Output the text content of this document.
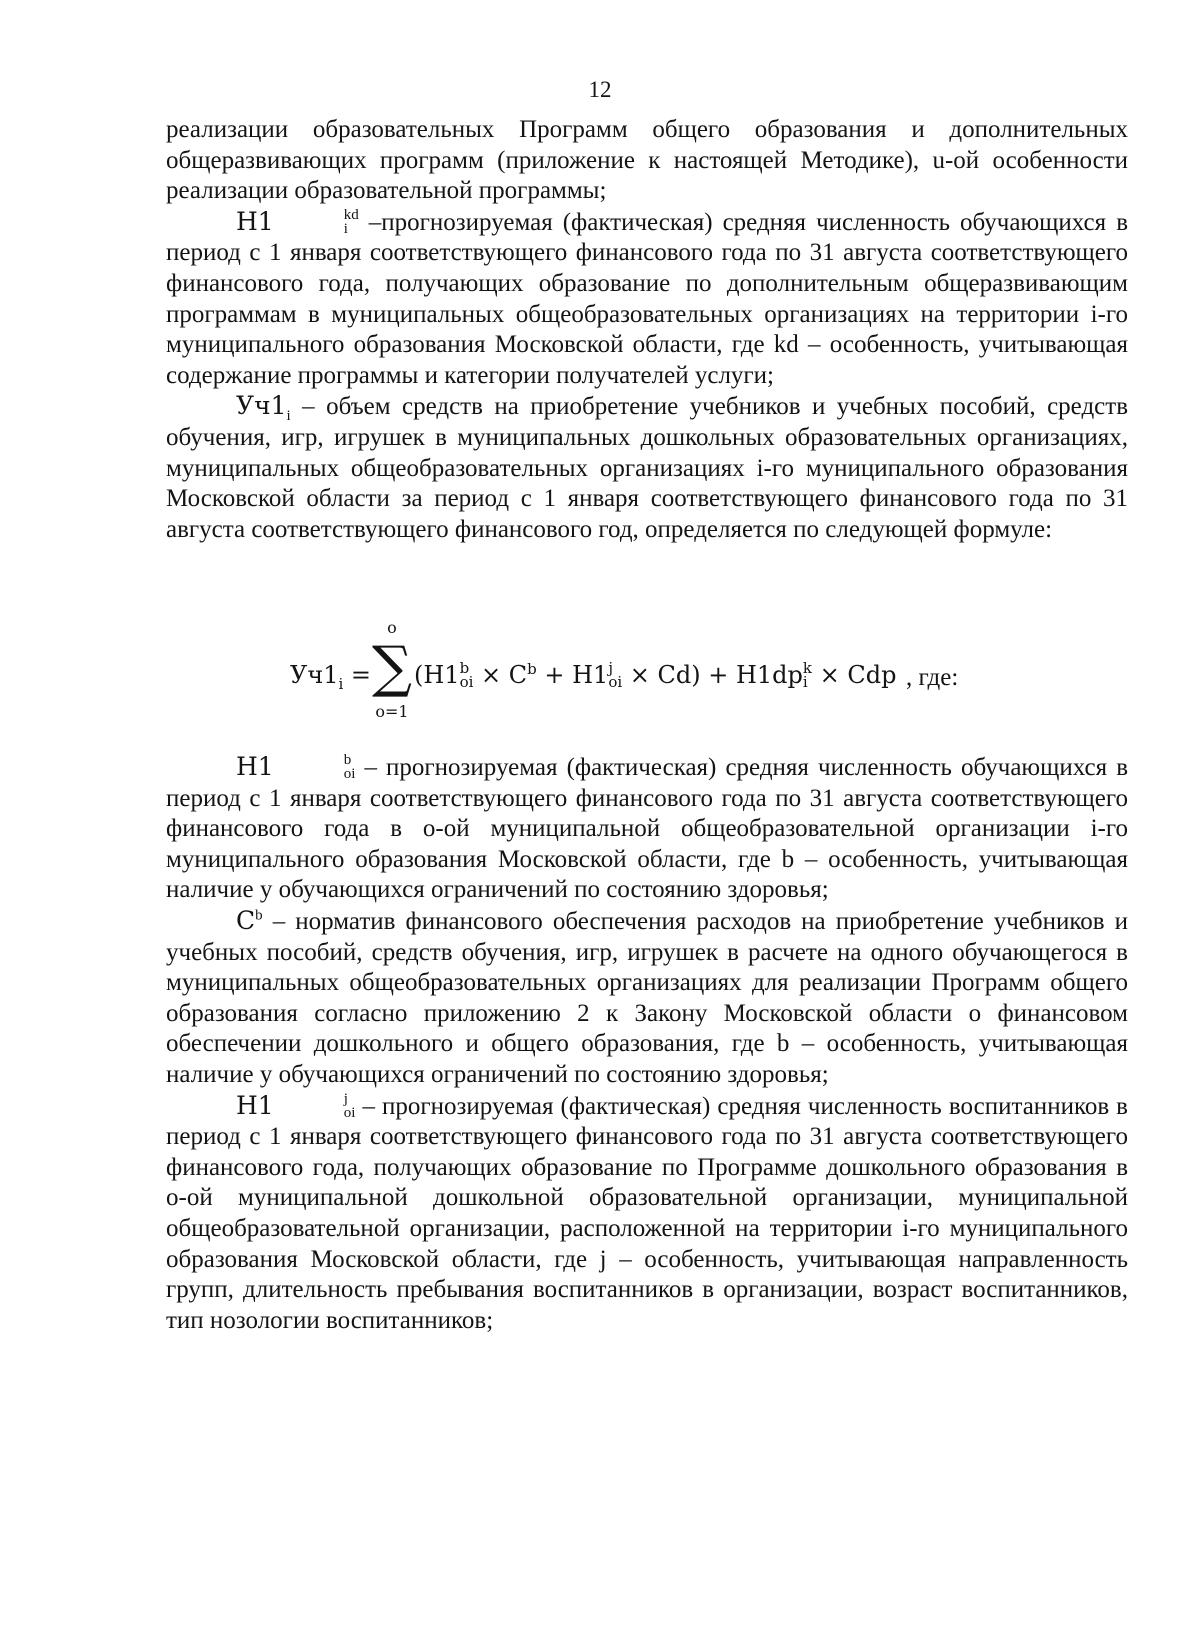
12

реализации образовательных Программ общего образования и дополнительных общеразвивающих программ (приложение к настоящей Методике), u-ой особенности реализации образовательной программы;

Н1	kd
i –прогнозируемая (фактическая) средняя численность обучающихся в период с 1 января соответствующего финансового года по 31 августа соответствующего финансового года, получающих образование по дополнительным общеразвивающим программам в муниципальных общеобразовательных организациях на территории i-го муниципального образования Московской области, где kd – особенность, учитывающая содержание программы и категории получателей услуги;

$Уч1_i$ – объем средств на приобретение учебников и учебных пособий, средств обучения, игр, игрушек в муниципальных дошкольных образовательных организациях, муниципальных общеобразовательных организациях i-го муниципального образования Московской области за период с 1 января соответствующего финансового года по 31 августа соответствующего финансового год, определяется по следующей формуле:

$Уч1_i$ =
o
∑
o=1
(Н1 b
oi × $C^b + Н1$ j
oi × Cd) + H1dp k
i × Cdp , где:

Н1	b
oi – прогнозируемая (фактическая) средняя численность обучающихся в период с 1 января соответствующего финансового года по 31 августа соответствующего финансового года в о-ой муниципальной общеобразовательной организации i-го муниципального образования Московской области, где b – особенность, учитывающая наличие у обучающихся ограничений по состоянию здоровья;

$C^b$ – норматив финансового обеспечения расходов на приобретение учебников и учебных пособий, средств обучения, игр, игрушек в расчете на одного обучающегося в муниципальных общеобразовательных организациях для реализации Программ общего образования согласно приложению 2 к Закону Московской области о финансовом обеспечении дошкольного и общего образования, где b – особенность, учитывающая наличие у обучающихся ограничений по состоянию здоровья;

Н1	j
oi – прогнозируемая (фактическая) средняя численность воспитанников в период с 1 января соответствующего финансового года по 31 августа соответствующего финансового года, получающих образование по Программе дошкольного образования в о-ой муниципальной дошкольной образовательной организации, муниципальной общеобразовательной организации, расположенной на территории i-го муниципального образования Московской области, где j – особенность, учитывающая направленность групп, длительность пребывания воспитанников в организации, возраст воспитанников, тип нозологии воспитанников;
